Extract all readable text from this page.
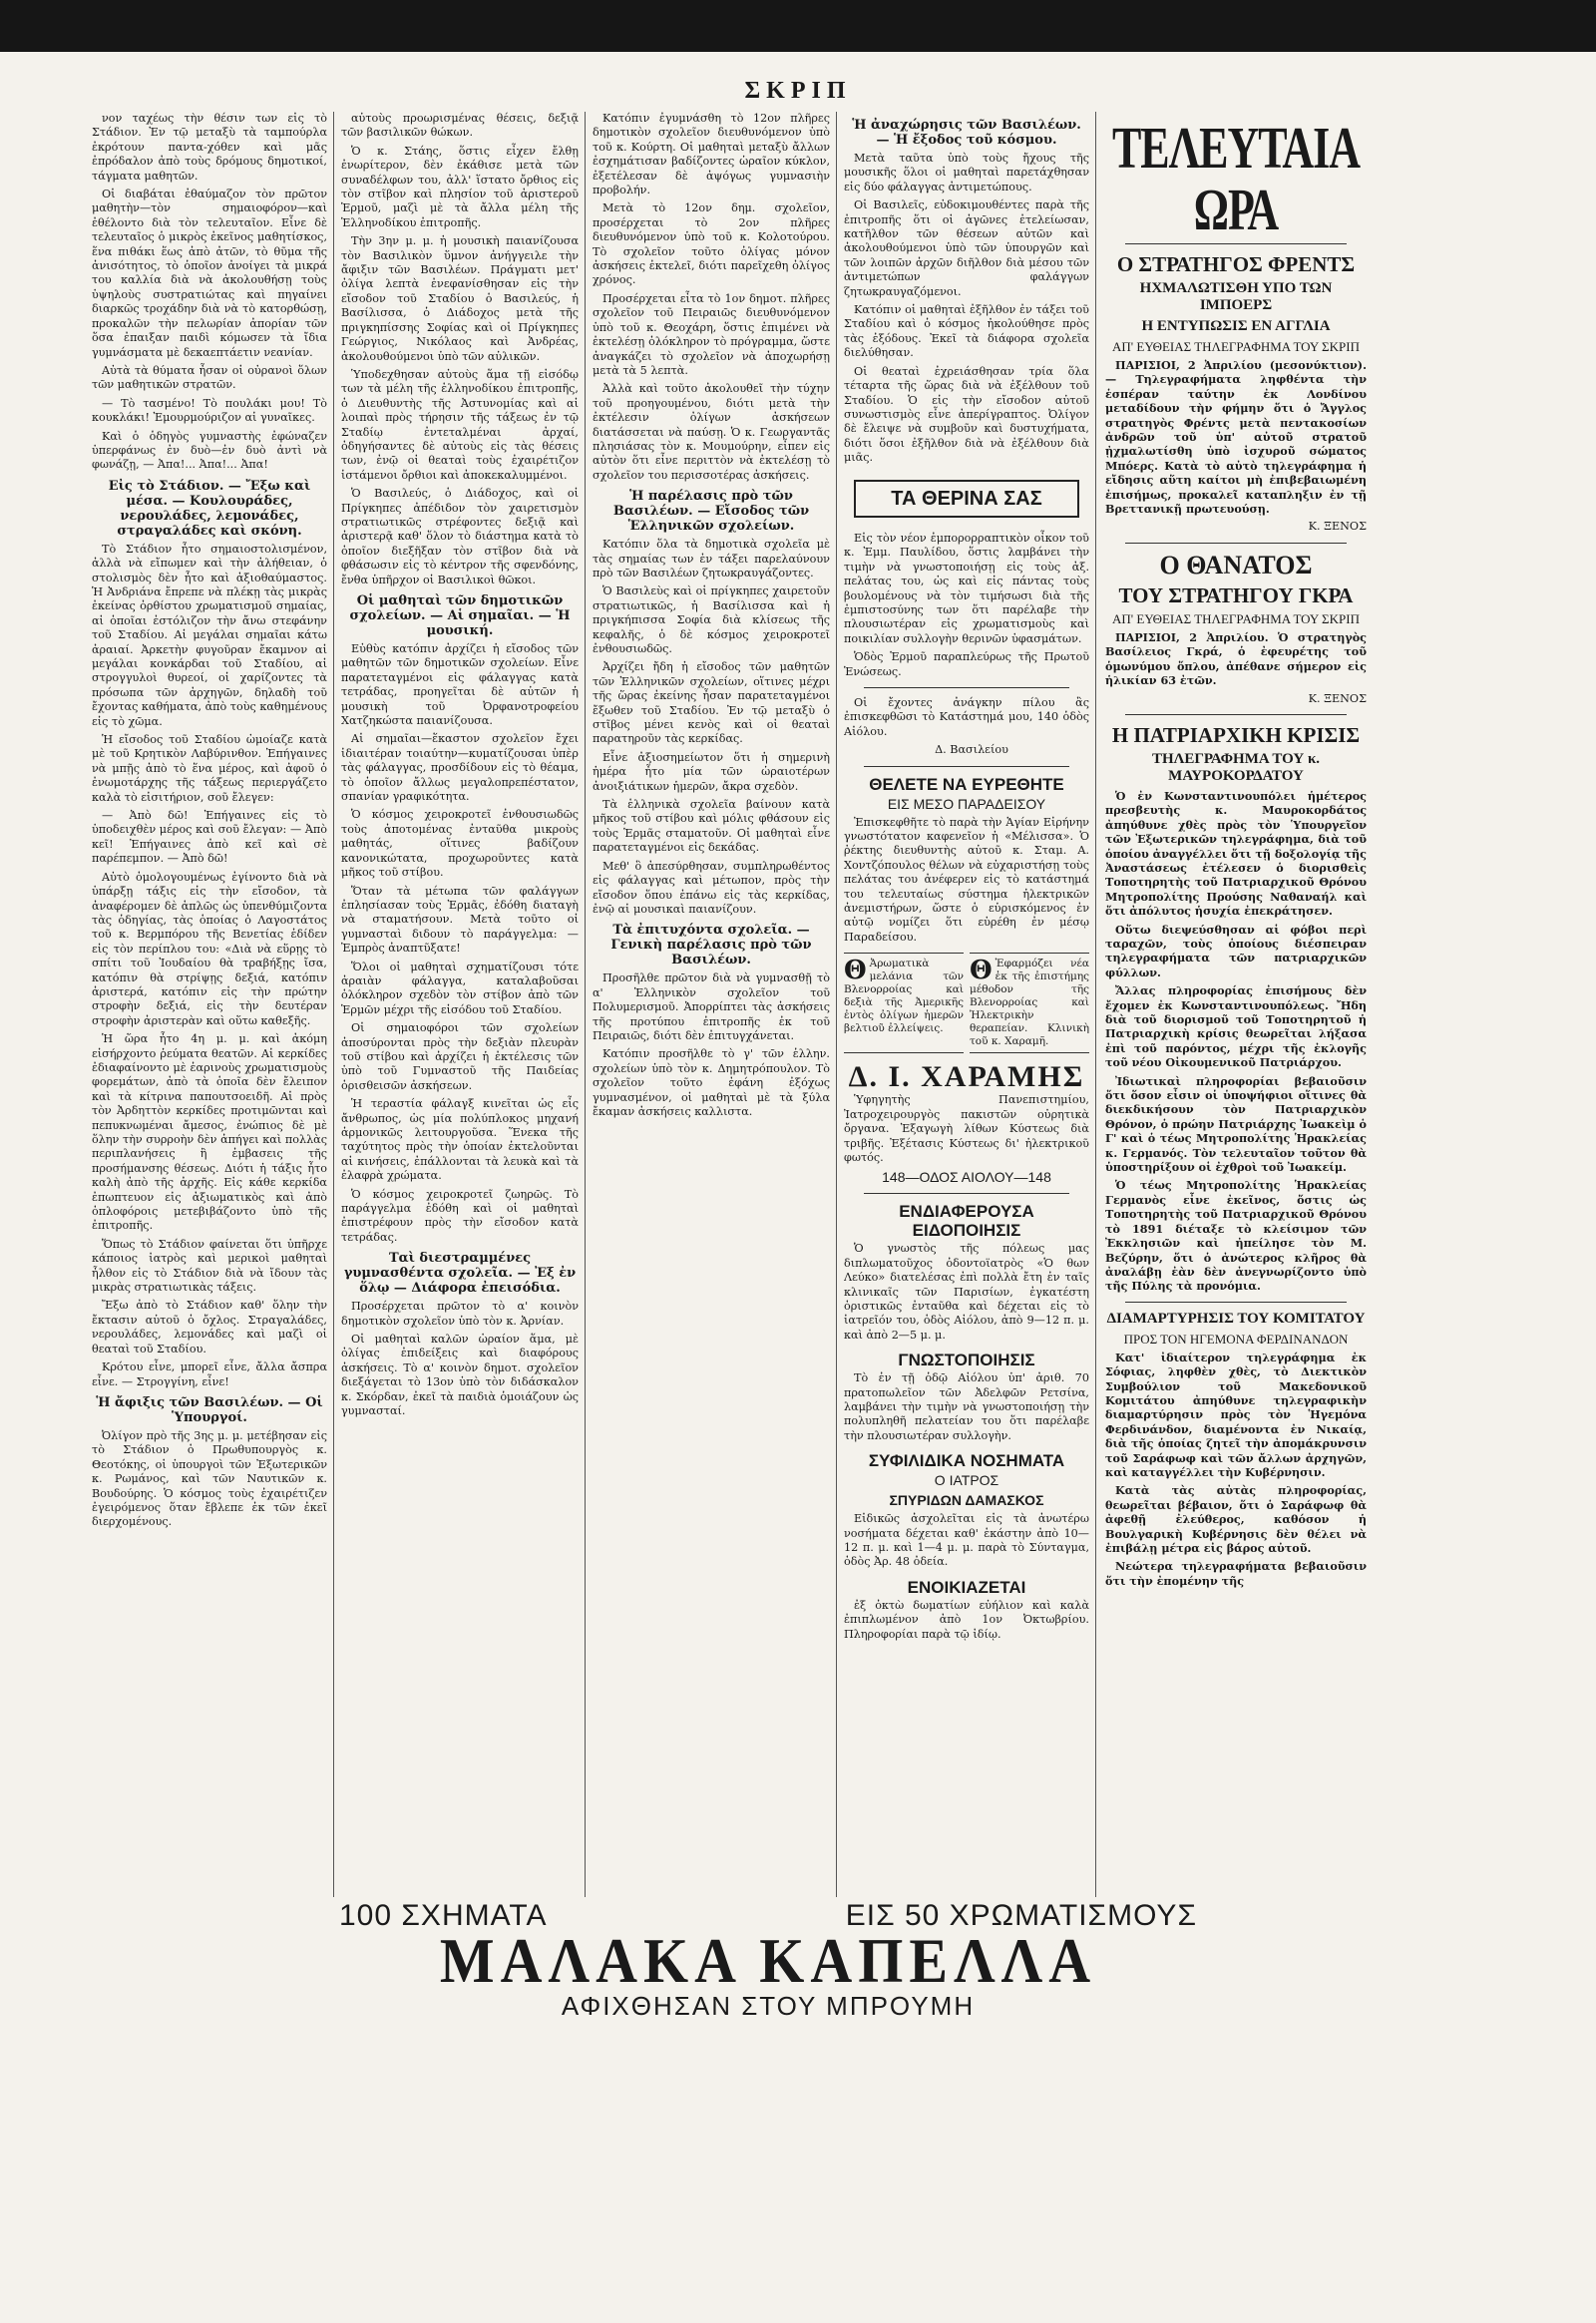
ΣΚΡΙΠ

νον ταχέως τὴν θέσιν των εἰς τὸ Στάδιον. Ἐν τῷ μεταξὺ τὰ ταμπούρλα ἐκρότουν παντα-χόθεν καὶ μᾶς ἐπρόδαλον ἀπὸ τοὺς δρόμους δημοτικοί, τάγματα μαθητῶν.

Οἱ διαβάται ἐθαύμαζον τὸν πρῶτον μαθητὴν—τὸν σημαιοφόρον—καὶ ἐθέλοντο διὰ τὸν τελευταῖον. Εἶνε δὲ τελευταῖος ὁ μικρὸς ἐκεῖνος μαθητίσκος, ἕνα πιθάκι ἕως ἀπὸ ἀτῶν, τὸ θῦμα τῆς ἀνισότητος, τὸ ὁποῖον ἀνοίγει τὰ μικρά του καλλία διὰ νὰ ἀκολουθήσῃ τοὺς ὑψηλοὺς συστρατιώτας καὶ πηγαίνει διαρκῶς τροχάδην διὰ νὰ τὸ κατορθώσῃ, προκαλῶν τὴν πελωρίαν ἀπορίαν τῶν ὅσα ἐπαιξαν παιδὶ κόμωσεν τὰ ἴδια γυμνάσματα μὲ δεκαεπτάετιν νεανίαν.

Αὐτὰ τὰ θύματα ἦσαν οἱ οὐρανοὶ ὅλων τῶν μαθητικῶν στρατῶν.

— Τὸ τασμένο! Τὸ πουλάκι μου! Τὸ κουκλάκι! Ἐμουρμούριζον αἱ γυναῖκες.

Καὶ ὁ ὁδηγὸς γυμναστὴς ἐφώναζεν ὑπερφάνως ἐν δυὸ—ἐν δυὸ ἀντὶ νὰ φωνάζῃ, — Ἀπα!... Ἀπα!... Ἀπα!

Εἰς τὸ Στάδιον. — Ἔξω καὶ μέσα. — Κουλουράδες, νερουλάδες, λεμονάδες, στραγαλάδες καὶ σκόνη.

Τὸ Στάδιον ἦτο σημαιοστολισμένον, ἀλλὰ νὰ εἴπωμεν καὶ τὴν ἀλήθειαν, ὁ στολισμὸς δὲν ἦτο καὶ ἀξιοθαύμαστος. Ἡ Ἀνδριάνα ἔπρεπε νὰ πλέκῃ τὰς μικρὰς ἐκείνας ὀρθίστου χρωματισμοῦ σημαίας, αἱ ὁποῖαι ἐστόλιζον τὴν ἄνω στεφάνην τοῦ Σταδίου. Αἱ μεγάλαι σημαῖαι κάτω ἀραιαί. Ἀρκετὴν φυγοῦραν ἔκαμνον αἱ μεγάλαι κονκάρδαι τοῦ Σταδίου, αἱ στρογγυλοὶ θυρεοί, οἱ χαρίζοντες τὰ πρόσωπα τῶν ἀρχηγῶν, δηλαδὴ τοῦ ἔχοντας καθήματα, ἀπὸ τοὺς καθημένους εἰς τὸ χῶμα.

Ἡ εἴσοδος τοῦ Σταδίου ὡμοίαζε κατὰ μὲ τοῦ Κρητικὸν Λαβύρινθον. Ἐπήγαινες νὰ μπῇς ἀπὸ τὸ ἕνα μέρος, καὶ ἀφοῦ ὁ ἐνωμοτάρχης τῆς τάξεως περιεργάζετο καλὰ τὸ εἰσιτήριον, σοῦ ἔλεγεν:

— Ἀπὸ δῶ! Ἐπήγαινες εἰς τὸ ὑποδειχθὲν μέρος καὶ σοῦ ἔλεγαν: — Ἀπὸ κεῖ! Ἐπήγαινες ἀπὸ κεῖ καὶ σὲ παρέπεμπον. — Ἀπὸ δῶ!

Αὐτὸ ὁμολογουμένως ἐγίνοντο διὰ νὰ ὑπάρξῃ τάξις εἰς τὴν εἴσοδον, τὰ ἀναφέρομεν δὲ ἁπλῶς ὡς ὑπενθύμιζοντα τὰς ὁδηγίας, τὰς ὁποίας ὁ Λαγοστάτος τοῦ κ. Βερμπόρου τῆς Βενετίας ἐδίδεν εἰς τὸν περίπλου του: «Διὰ νὰ εὕρῃς τὸ σπίτι τοῦ Ἰουδαίου θὰ τραβήξῃς ἴσα, κατόπιν θὰ στρίψῃς δεξιά, κατόπιν ἀριστερά, κατόπιν εἰς τὴν πρώτην στροφὴν δεξιά, εἰς τὴν δευτέραν στροφὴν ἀριστερὰν καὶ οὕτω καθεξῆς.

Ἡ ὥρα ἦτο 4η μ. μ. καὶ ἀκόμη εἰσήρχοντο ῥεύματα θεατῶν. Αἱ κερκίδες ἐδιαφαίνοντο μὲ ἐαρινοὺς χρωματισμοὺς φορεμάτων, ἀπὸ τὰ ὁποῖα δὲν ἔλειπον καὶ τὰ κίτρινα παπουτσοειδῆ. Αἱ πρὸς τὸν Ἀρδηττὸν κερκίδες προτιμῶνται καὶ πεπυκνωμέναι ἄμεσος, ἐνώπιος δὲ μὲ ὅλην τὴν συρροὴν δὲν ἀπήγει καὶ πολλὰς περιπλανήσεις ἢ ἐμβασεις τῆς προσήμανσης θέσεως. Διότι ἡ τάξις ἦτο καλὴ ἀπὸ τῆς ἀρχῆς. Εἰς κάθε κερκίδα ἐπωπτευον εἰς ἀξιωματικὸς καὶ ἀπὸ ὁπλοφόροις μετεβιβάζοντο ὑπὸ τῆς ἐπιτροπῆς.

Ὅπως τὸ Στάδιον φαίνεται ὅτι ὑπῆρχε κάποιος ἰατρὸς καὶ μερικοὶ μαθηταὶ ἦλθον εἰς τὸ Στάδιον διὰ νὰ ἴδουν τὰς μικρὰς στρατιωτικὰς τάξεις.

Ἔξω ἀπὸ τὸ Στάδιον καθ' ὅλην τὴν ἔκτασιν αὐτοῦ ὁ ὄχλος. Στραγαλάδες, νερουλάδες, λεμονάδες καὶ μαζὶ οἱ θεαταὶ τοῦ Σταδίου.

Κρότου εἶνε, μπορεῖ εἶνε, ἄλλα ἄσπρα εἶνε. — Στρογγίνη, εἶνε!

Ἡ ἄφιξις τῶν Βασιλέων. — Οἱ Ὑπουργοί.

Ὀλίγον πρὸ τῆς 3ης μ. μ. μετέβησαν εἰς τὸ Στάδιον ὁ Πρωθυπουργὸς κ. Θεοτόκης, οἱ ὑπουργοὶ τῶν Ἐξωτερικῶν κ. Ρωμάνος, καὶ τῶν Ναυτικῶν κ. Βουδούρης. Ὁ κόσμος τοὺς ἐχαιρέτιζεν ἐγειρόμενος ὅταν ἔβλεπε ἐκ τῶν ἐκεῖ διερχομένους.

αὐτοὺς προωρισμένας θέσεις, δεξιᾷ τῶν βασιλικῶν θώκων.

Ὁ κ. Στάης, ὅστις εἶχεν ἔλθῃ ἐνωρίτερον, δὲν ἐκάθισε μετὰ τῶν συναδέλφων του, ἀλλ' ἵστατο ὄρθιος εἰς τὸν στῖβον καὶ πλησίον τοῦ ἀριστεροῦ Ἑρμοῦ, μαζὶ μὲ τὰ ἄλλα μέλη τῆς Ἑλληνοδίκου ἐπιτροπῆς.

Τὴν 3ην μ. μ. ἡ μουσικὴ παιανίζουσα τὸν Βασιλικὸν ὕμνον ἀνήγγειλε τὴν ἄφιξιν τῶν Βασιλέων. Πράγματι μετ' ὀλίγα λεπτὰ ἐνεφανίσθησαν εἰς τὴν εἴσοδον τοῦ Σταδίου ὁ Βασιλεύς, ἡ Βασίλισσα, ὁ Διάδοχος μετὰ τῆς πριγκηπίσσης Σοφίας καὶ οἱ Πρίγκηπες Γεώργιος, Νικόλαος καὶ Ἀνδρέας, ἀκολουθούμενοι ὑπὸ τῶν αὐλικῶν.

Ὑποδεχθησαν αὐτοὺς ἅμα τῇ εἰσόδῳ των τὰ μέλη τῆς ἑλληνοδίκου ἐπιτροπῆς, ὁ Διευθυντὴς τῆς Ἀστυνομίας καὶ αἱ λοιπαὶ πρὸς τήρησιν τῆς τάξεως ἐν τῷ Σταδίῳ ἐντεταλμέναι ἀρχαί, ὁδηγήσαντες δὲ αὐτοὺς εἰς τὰς θέσεις των, ἐνῷ οἱ θεαταὶ τοὺς ἐχαιρέτιζον ἱστάμενοι ὄρθιοι καὶ ἀποκεκαλυμμένοι.

Ὁ Βασιλεύς, ὁ Διάδοχος, καὶ οἱ Πρίγκηπες ἀπέδιδον τὸν χαιρετισμὸν στρατιωτικῶς στρέφοντες δεξιᾷ καὶ ἀριστερᾷ καθ' ὅλον τὸ διάστημα κατὰ τὸ ὁποῖον διεξῆξαν τὸν στῖβον διὰ νὰ φθάσωσιν εἰς τὸ κέντρον τῆς σφενδόνης, ἔνθα ὑπῆρχον οἱ Βασιλικοὶ θῶκοι.

Οἱ μαθηταὶ τῶν δημοτικῶν σχολείων. — Αἱ σημαῖαι. — Ἡ μουσική.

Εὐθὺς κατόπιν ἀρχίζει ἡ εἴσοδος τῶν μαθητῶν τῶν δημοτικῶν σχολείων. Εἶνε παρατεταγμένοι εἰς φάλαγγας κατὰ τετράδας, προηγεῖται δὲ αὐτῶν ἡ μουσικὴ τοῦ Ὀρφανοτροφείου Χατζηκώστα παιανίζουσα.

Αἱ σημαῖαι—ἕκαστον σχολεῖον ἔχει ἰδιαιτέραν τοιαύτην—κυματίζουσαι ὑπὲρ τὰς φάλαγγας, προσδίδουν εἰς τὸ θέαμα, τὸ ὁποῖον ἄλλως μεγαλοπρεπέστατον, σπανίαν γραφικότητα.

Ὁ κόσμος χειροκροτεῖ ἐνθουσιωδῶς τοὺς ἀποτομένας ἐνταῦθα μικροὺς μαθητάς, οἵτινες βαδίζουν κανονικώτατα, προχωροῦντες κατὰ μῆκος τοῦ στίβου.

Ὅταν τὰ μέτωπα τῶν φαλάγγων ἐπλησίασαν τοὺς Ἑρμᾶς, ἐδόθη διαταγὴ νὰ σταματήσουν. Μετὰ τοῦτο οἱ γυμνασταὶ διδουν τὸ παράγγελμα: — Ἐμπρὸς ἀναπτῦξατε!

Ὅλοι οἱ μαθηταὶ σχηματίζουσι τότε ἀραιὰν φάλαγγα, καταλαβοῦσαι ὁλόκληρον σχεδὸν τὸν στίβον ἀπὸ τῶν Ἑρμῶν μέχρι τῆς εἰσόδου τοῦ Σταδίου.

Οἱ σημαιοφόροι τῶν σχολείων ἀποσύρονται πρὸς τὴν δεξιὰν πλευρὰν τοῦ στίβου καὶ ἀρχίζει ἡ ἐκτέλεσις τῶν ὑπὸ τοῦ Γυμναστοῦ τῆς Παιδείας ὁρισθεισῶν ἀσκήσεων.

Ἡ τεραστία φάλαγξ κινεῖται ὡς εἷς ἄνθρωπος, ὡς μία πολύπλοκος μηχανή ἁρμονικῶς λειτουργοῦσα. Ἕνεκα τῆς ταχύτητος πρὸς τὴν ὁποίαν ἐκτελοῦνται αἱ κινήσεις, ἐπάλλονται τὰ λευκὰ καὶ τὰ ἐλαφρὰ χρώματα.

Ὁ κόσμος χειροκροτεῖ ζωηρῶς. Τὸ παράγγελμα ἐδόθη καὶ οἱ μαθηταὶ ἐπιστρέφουν πρὸς τὴν εἴσοδον κατὰ τετράδας.

Ταὶ διεστραμμένες γυμνασθέντα σχολεῖα. — Ἐξ ἐν ὅλῳ — Διάφορα ἐπεισόδια.

Προσέρχεται πρῶτον τὸ α' κοινὸν δημοτικὸν σχολεῖον ὑπὸ τὸν κ. Ἀρνίαν.

Οἱ μαθηταὶ καλῶν ὡραίον ἅμα, μὲ ὀλίγας ἐπιδείξεις καὶ διαφόρους ἀσκήσεις. Τὸ α' κοινὸν δημοτ. σχολεῖον διεξάγεται τὸ 13ον ὑπὸ τὸν διδάσκαλον κ. Σκόρδαν, ἐκεῖ τὰ παιδιὰ ὁμοιάζουν ὡς γυμνασταί.

Κατόπιν ἐγυμνάσθη τὸ 12ον πλῆρες δημοτικὸν σχολεῖον διευθυνόμενον ὑπὸ τοῦ κ. Κούρτη. Οἱ μαθηταὶ μεταξὺ ἄλλων ἐσχημάτισαν βαδίζοντες ὡραῖον κύκλον, ἐξετέλεσαν δὲ ἀψόγως γυμνασιὴν προβολήν.

Μετὰ τὸ 12ον δημ. σχολεῖον, προσέρχεται τὸ 2ον πλῆρες διευθυνόμενον ὑπὸ τοῦ κ. Κολοτούρου. Τὸ σχολεῖον τοῦτο ὀλίγας μόνον ἀσκήσεις ἐκτελεῖ, διότι παρεῖχεθη ὀλίγος χρόνος.

Προσέρχεται εἶτα τὸ 1ον δημοτ. πλῆρες σχολεῖον τοῦ Πειραιῶς διευθυνόμενον ὑπὸ τοῦ κ. Θεοχάρη, ὅστις ἐπιμένει νὰ ἐκτελέσῃ ὁλόκληρον τὸ πρόγραμμα, ὥστε ἀναγκάζει τὸ σχολεῖον νὰ ἀποχωρήσῃ μετὰ τὰ 5 λεπτὰ.

Ἀλλὰ καὶ τοῦτο ἀκολουθεῖ τὴν τύχην τοῦ προηγουμένου, διότι μετὰ τὴν ἐκτέλεσιν ὀλίγων ἀσκήσεων διατάσσεται νὰ παύσῃ. Ὁ κ. Γεωργαντᾶς πλησιάσας τὸν κ. Μουμούρην, εἶπεν εἰς αὐτὸν ὅτι εἶνε περιττὸν νὰ ἐκτελέσῃ τὸ σχολεῖον του περισσοτέρας ἀσκήσεις.

Ἡ παρέλασις πρὸ τῶν Βασιλέων. — Εἴσοδος τῶν Ἑλληνικῶν σχολείων.

Κατόπιν ὅλα τὰ δημοτικὰ σχολεῖα μὲ τὰς σημαίας των ἐν τάξει παρελαύνουν πρὸ τῶν Βασιλέων ζητωκραυγάζοντες.

Ὁ Βασιλεὺς καὶ οἱ πρίγκηπες χαιρετοῦν στρατιωτικῶς, ἡ Βασίλισσα καὶ ἡ πριγκήπισσα Σοφία διὰ κλίσεως τῆς κεφαλῆς, ὁ δὲ κόσμος χειροκροτεῖ ἐνθουσιωδῶς.

Ἀρχίζει ἤδη ἡ εἴσοδος τῶν μαθητῶν τῶν Ἑλληνικῶν σχολείων, οἵτινες μέχρι τῆς ὥρας ἐκείνης ἦσαν παρατεταγμένοι ἔξωθεν τοῦ Σταδίου. Ἐν τῷ μεταξὺ ὁ στῖβος μένει κενὸς καὶ οἱ θεαταὶ παρατηροῦν τὰς κερκίδας.

Εἶνε ἀξιοσημείωτον ὅτι ἡ σημερινὴ ἡμέρα ἦτο μία τῶν ὡραιοτέρων ἀνοιξιάτικων ἡμερῶν, ἄκρα σχεδὸν.

Τὰ ἑλληνικὰ σχολεῖα βαίνουν κατὰ μῆκος τοῦ στίβου καὶ μόλις φθάσουν εἰς τοὺς Ἑρμᾶς σταματοῦν. Οἱ μαθηταὶ εἶνε παρατεταγμένοι εἰς δεκάδας.

Μεθ' ὃ ἀπεσύρθησαν, συμπληρωθέντος εἰς φάλαγγας καὶ μέτωπον, πρὸς τὴν εἴσοδον ὅπου ἐπάνω εἰς τὰς κερκίδας, ἐνῷ αἱ μουσικαὶ παιανίζουν.

Τὰ ἐπιτυχόντα σχολεῖα. — Γενικὴ παρέλασις πρὸ τῶν Βασιλέων.

Προσῆλθε πρῶτον διὰ νὰ γυμνασθῇ τὸ α' Ἑλληνικὸν σχολεῖον τοῦ Πολυμερισμοῦ. Ἀπορρίπτει τὰς ἀσκήσεις τῆς προτύπου ἐπιτροπῆς ἐκ τοῦ Πειραιῶς, διότι δὲν ἐπιτυγχάνεται.

Κατόπιν προσῆλθε τὸ γ' τῶν ἑλλην. σχολείων ὑπὸ τὸν κ. Δημητρόπουλον. Τὸ σχολεῖον τοῦτο ἐφάνη ἐξόχως γυμνασμένον, οἱ μαθηταὶ μὲ τὰ ξύλα ἔκαμαν ἀσκήσεις καλλιστα.

Ἡ ἀναχώρησις τῶν Βασιλέων. — Ἡ ἔξοδος τοῦ κόσμου.

Μετὰ ταῦτα ὑπὸ τοὺς ἤχους τῆς μουσικῆς ὅλοι οἱ μαθηταὶ παρετάχθησαν εἰς δύο φάλαγγας ἀντιμετώπους.

Οἱ Βασιλεῖς, εὐδοκιμουθέντες παρὰ τῆς ἐπιτροπῆς ὅτι οἱ ἀγῶνες ἐτελείωσαν, κατῆλθον τῶν θέσεων αὐτῶν καὶ ἀκολουθούμενοι ὑπὸ τῶν ὑπουργῶν καὶ τῶν λοιπῶν ἀρχῶν διῆλθον διὰ μέσου τῶν ἀντιμετώπων φαλάγγων ζητωκραυγαζόμενοι.

Κατόπιν οἱ μαθηταὶ ἐξῆλθον ἐν τάξει τοῦ Σταδίου καὶ ὁ κόσμος ἠκολούθησε πρὸς τὰς ἐξόδους. Ἐκεῖ τὰ διάφορα σχολεῖα διελύθησαν.

Οἱ θεαταὶ ἐχρειάσθησαν τρία ὅλα τέταρτα τῆς ὥρας διὰ νὰ ἐξέλθουν τοῦ Σταδίου. Ὁ εἰς τὴν εἴσοδον αὐτοῦ συνωστισμὸς εἶνε ἀπερίγραπτος. Ὀλίγον δὲ ἔλειψε νὰ συμβοῦν καὶ δυστυχήματα, διότι ὅσοι ἐξῆλθον διὰ νὰ ἐξέλθουν διὰ μιᾶς.

ΤΑ ΘΕΡΙΝΑ ΣΑΣ

Εἰς τὸν νέον ἐμπορορραπτικὸν οἶκον τοῦ κ. Ἐμμ. Παυλίδου, ὅστις λαμβάνει τὴν τιμὴν νὰ γνωστοποιήσῃ εἰς τοὺς ἀξ. πελάτας του, ὡς καὶ εἰς πάντας τοὺς βουλομένους νὰ τὸν τιμήσωσι διὰ τῆς ἐμπιστοσύνης των ὅτι παρέλαβε τὴν πλουσιωτέραν εἰς χρωματισμοὺς καὶ ποικιλίαν συλλογὴν θερινῶν ὑφασμάτων.

Ὁδὸς Ἑρμοῦ παραπλεύρως τῆς Πρωτοῦ Ἑνώσεως.

Οἱ ἔχοντες ἀνάγκην πίλου ἂς ἐπισκεφθῶσι τὸ Κατάστημά μου, 140 ὁδὸς Αἰόλου.

Δ. Βασιλείου

ΘΕΛΕΤΕ ΝΑ ΕΥΡΕΘΗΤΕ
ΕΙΣ ΜΕΣΟ ΠΑΡΑΔΕΙΣΟΥ

Ἐπισκεφθῆτε τὸ παρὰ τὴν Ἁγίαν Εἰρήνην γνωστότατον καφενεῖον ἡ «Μέλισσα». Ὁ ῥέκτης διευθυντὴς αὐτοῦ κ. Σταμ. Α. Χοντζόπουλος θέλων νὰ εὐχαριστήσῃ τοὺς πελάτας του ἀνέφερεν εἰς τὸ κατάστημά του τελευταίως σύστημα ἠλεκτρικῶν ἀνεμιστήρων, ὥστε ὁ εὑρισκόμενος ἐν αὐτῷ νομίζει ὅτι εὑρέθη ἐν μέσῳ Παραδείσου.

Θ Ἀρωματικὰ μελάνια τῶν Βλενορροίας καὶ δεξιὰ τῆς Ἀμερικῆς ἐντὸς ὀλίγων ἡμερῶν βελτιοῦ ἐλλείψεις.
Θ Ἐφαρμόζει νέα ἐκ τῆς ἐπιστήμης μέθοδον τῆς Βλενορροίας καὶ Ἠλεκτρικὴν θεραπείαν. Κλινικὴ τοῦ κ. Χαραμῆ.
Δ. Ι. ΧΑΡΑΜΗΣ

Ὑφηγητὴς Πανεπιστημίου, Ἰατροχειρουργὸς πακιστῶν οὐρητικὰ ὄργανα. Ἐξαγωγὴ λίθων Κύστεως διὰ τριβῆς. Ἐξέτασις Κύστεως δι' ἠλεκτρικοῦ φωτός.

148—ΟΔΟΣ ΑΙΟΛΟΥ—148
ΕΝΔΙΑΦΕΡΟΥΣΑ ΕΙΔΟΠΟΙΗΣΙΣ

Ὁ γνωστὸς τῆς πόλεως μας διπλωματοῦχος ὀδοντοϊατρὸς «Ὁ θων Λεύκο» διατελέσας ἐπὶ πολλὰ ἔτη ἐν ταῖς κλινικαῖς τῶν Παρισίων, ἐγκατέστη ὁριστικῶς ἐνταῦθα καὶ δέχεται εἰς τὸ ἰατρεῖόν του, ὁδὸς Αἰόλου, ἀπὸ 9—12 π. μ. καὶ ἀπὸ 2—5 μ. μ.

ΓΝΩΣΤΟΠΟΙΗΣΙΣ

Τὸ ἐν τῇ ὁδῷ Αἰόλου ὑπ' ἀριθ. 70 πρατοπωλεῖον τῶν Ἀδελφῶν Ρετσίνα, λαμβάνει τὴν τιμὴν νὰ γνωστοποιήσῃ τὴν πολυπληθῆ πελατείαν του ὅτι παρέλαβε τὴν πλουσιωτέραν συλλογὴν.

ΣΥΦΙΛΙΔΙΚΑ ΝΟΣΗΜΑΤΑ
Ο ΙΑΤΡΟΣ
ΣΠΥΡΙΔΩΝ ΔΑΜΑΣΚΟΣ

Εἰδικῶς ἀσχολεῖται εἰς τὰ ἀνωτέρω νοσήματα δέχεται καθ' ἑκάστην ἀπὸ 10—12 π. μ. καὶ 1—4 μ. μ. παρὰ τὸ Σύνταγμα, ὁδὸς Ἀρ. 48 ὀδεία.

ΕΝΟΙΚΙΑΖΕΤΑΙ

ἐξ ὀκτὼ δωματίων εὐήλιον καὶ καλὰ ἐπιπλωμένον ἀπὸ 1ον Ὀκτωβρίου. Πληροφορίαι παρὰ τῷ ἰδίῳ.

ΤΕΛΕΥΤΑΙΑ ΩΡΑ
Ο ΣΤΡΑΤΗΓΟΣ ΦΡΕΝΤΣ
ΗΧΜΑΛΩΤΙΣΘΗ ΥΠΟ ΤΩΝ ΙΜΠΟΕΡΣ
Η ΕΝΤΥΠΩΣΙΣ ΕΝ ΑΓΓΛΙΑ
ΑΠ' ΕΥΘΕΙΑΣ ΤΗΛΕΓΡΑΦΗΜΑ ΤΟΥ ΣΚΡΙΠ

ΠΑΡΙΣΙΟΙ, 2 Ἀπριλίου (μεσονύκτιον). — Τηλεγραφήματα ληφθέντα τὴν ἑσπέραν ταύτην ἐκ Λονδίνου μεταδίδουν τὴν φήμην ὅτι ὁ Ἄγγλος στρατηγὸς Φρέντς μετὰ πεντακοσίων ἀνδρῶν τοῦ ὑπ' αὐτοῦ στρατοῦ ᾐχμαλωτίσθη ὑπὸ ἰσχυροῦ σώματος Μπόερς. Κατὰ τὸ αὐτὸ τηλεγράφημα ἡ εἴδησις αὕτη καίτοι μὴ ἐπιβεβαιωμένη ἐπισήμως, προκαλεῖ καταπληξιν ἐν τῇ Βρεττανικῇ πρωτευούσῃ.

Κ. ΞΕΝΟΣ

Ο ΘΑΝΑΤΟΣ
ΤΟΥ ΣΤΡΑΤΗΓΟΥ ΓΚΡΑ
ΑΠ' ΕΥΘΕΙΑΣ ΤΗΛΕΓΡΑΦΗΜΑ ΤΟΥ ΣΚΡΙΠ

ΠΑΡΙΣΙΟΙ, 2 Ἀπριλίου. Ὁ στρατηγὸς Βασίλειος Γκρά, ὁ ἐφευρέτης τοῦ ὁμωνύμου ὅπλου, ἀπέθανε σήμερον εἰς ἡλικίαν 63 ἐτῶν.

Κ. ΞΕΝΟΣ

Η ΠΑΤΡΙΑΡΧΙΚΗ ΚΡΙΣΙΣ
ΤΗΛΕΓΡΑΦΗΜΑ ΤΟΥ κ. ΜΑΥΡΟΚΟΡΔΑΤΟΥ

Ὁ ἐν Κωνσταντινουπόλει ἡμέτερος πρεσβευτὴς κ. Μαυροκορδάτος ἀπηύθυνε χθὲς πρὸς τὸν Ὑπουργεῖον τῶν Ἐξωτερικῶν τηλεγράφημα, διὰ τοῦ ὁποίου ἀναγγέλλει ὅτι τῇ δοξολογίᾳ τῆς Ἀναστάσεως ἐτέλεσεν ὁ διορισθεὶς Τοποτηρητὴς τοῦ Πατριαρχικοῦ Θρόνου Μητροπολίτης Προύσης Ναθαναήλ καὶ ὅτι ἀπόλυτος ἡσυχία ἐπεκράτησεν.

Οὕτω διεψεύσθησαν αἱ φόβοι περὶ ταραχῶν, τοὺς ὁποίους διέσπειραν τηλεγραφήματα τῶν πατριαρχικῶν φύλλων.

Ἄλλας πληροφορίας ἐπισήμους δὲν ἔχομεν ἐκ Κωνσταντινουπόλεως. Ἤδη διὰ τοῦ διορισμοῦ τοῦ Τοποτηρητοῦ ἡ Πατριαρχικὴ κρίσις θεωρεῖται λήξασα ἐπὶ τοῦ παρόντος, μέχρι τῆς ἐκλογῆς τοῦ νέου Οἰκουμενικοῦ Πατριάρχου.

Ἰδιωτικαὶ πληροφορίαι βεβαιοῦσιν ὅτι ὅσον εἶσιν οἱ ὑποψήφιοι οἵτινες θὰ διεκδικήσουν τὸν Πατριαρχικὸν Θρόνον, ὁ πρώην Πατριάρχης Ἰωακεὶμ ὁ Γ' καὶ ὁ τέως Μητροπολίτης Ἡρακλείας κ. Γερμανός. Τὸν τελευταῖον τοῦτον θὰ ὑποστηρίξουν οἱ ἐχθροὶ τοῦ Ἰωακείμ.

Ὁ τέως Μητροπολίτης Ἡρακλείας Γερμανὸς εἶνε ἐκεῖνος, ὅστις ὡς Τοποτηρητὴς τοῦ Πατριαρχικοῦ Θρόνου τὸ 1891 διέταξε τὸ κλείσιμον τῶν Ἐκκλησιῶν καὶ ἠπείλησε τὸν Μ. Βεζύρην, ὅτι ὁ ἀνώτερος κλῆρος θὰ ἀναλάβῃ ἐὰν δὲν ἀνεγνωρίζοντο ὑπὸ τῆς Πύλης τὰ προνόμια.

ΔΙΑΜΑΡΤΥΡΗΣΙΣ ΤΟΥ ΚΟΜΙΤΑΤΟΥ
ΠΡΟΣ ΤΟΝ ΗΓΕΜΟΝΑ ΦΕΡΔΙΝΑΝΔΟΝ

Κατ' ἰδιαίτερον τηλεγράφημα ἐκ Σόφιας, ληφθὲν χθὲς, τὸ Διεκτικὸν Συμβούλιον τοῦ Μακεδονικοῦ Κομιτάτου ἀπηύθυνε τηλεγραφικὴν διαμαρτύρησιν πρὸς τὸν Ἡγεμόνα Φερδινάνδον, διαμένοντα ἐν Νικαίᾳ, διὰ τῆς ὁποίας ζητεῖ τὴν ἀπομάκρυνσιν τοῦ Σαράφωφ καὶ τῶν ἄλλων ἀρχηγῶν, καὶ καταγγέλλει τὴν Κυβέρνησιν.

Κατὰ τὰς αὐτὰς πληροφορίας, θεωρεῖται βέβαιον, ὅτι ὁ Σαράφωφ θὰ ἀφεθῇ ἐλεύθερος, καθόσον ἡ Βουλγαρικὴ Κυβέρνησις δὲν θέλει νὰ ἐπιβάλῃ μέτρα εἰς βάρος αὐτοῦ.

Νεώτερα τηλεγραφήματα βεβαιοῦσιν ὅτι τὴν ἐπομένην τῆς

100 ΣΧΗΜΑΤΑ	ΕΙΣ 50 ΧΡΩΜΑΤΙΣΜΟΥΣ
ΜΑΛΑΚΑ ΚΑΠΕΛΛΑ
ΑΦΙΧΘΗΣΑΝ ΣΤΟΥ ΜΠΡΟΥΜΗ
